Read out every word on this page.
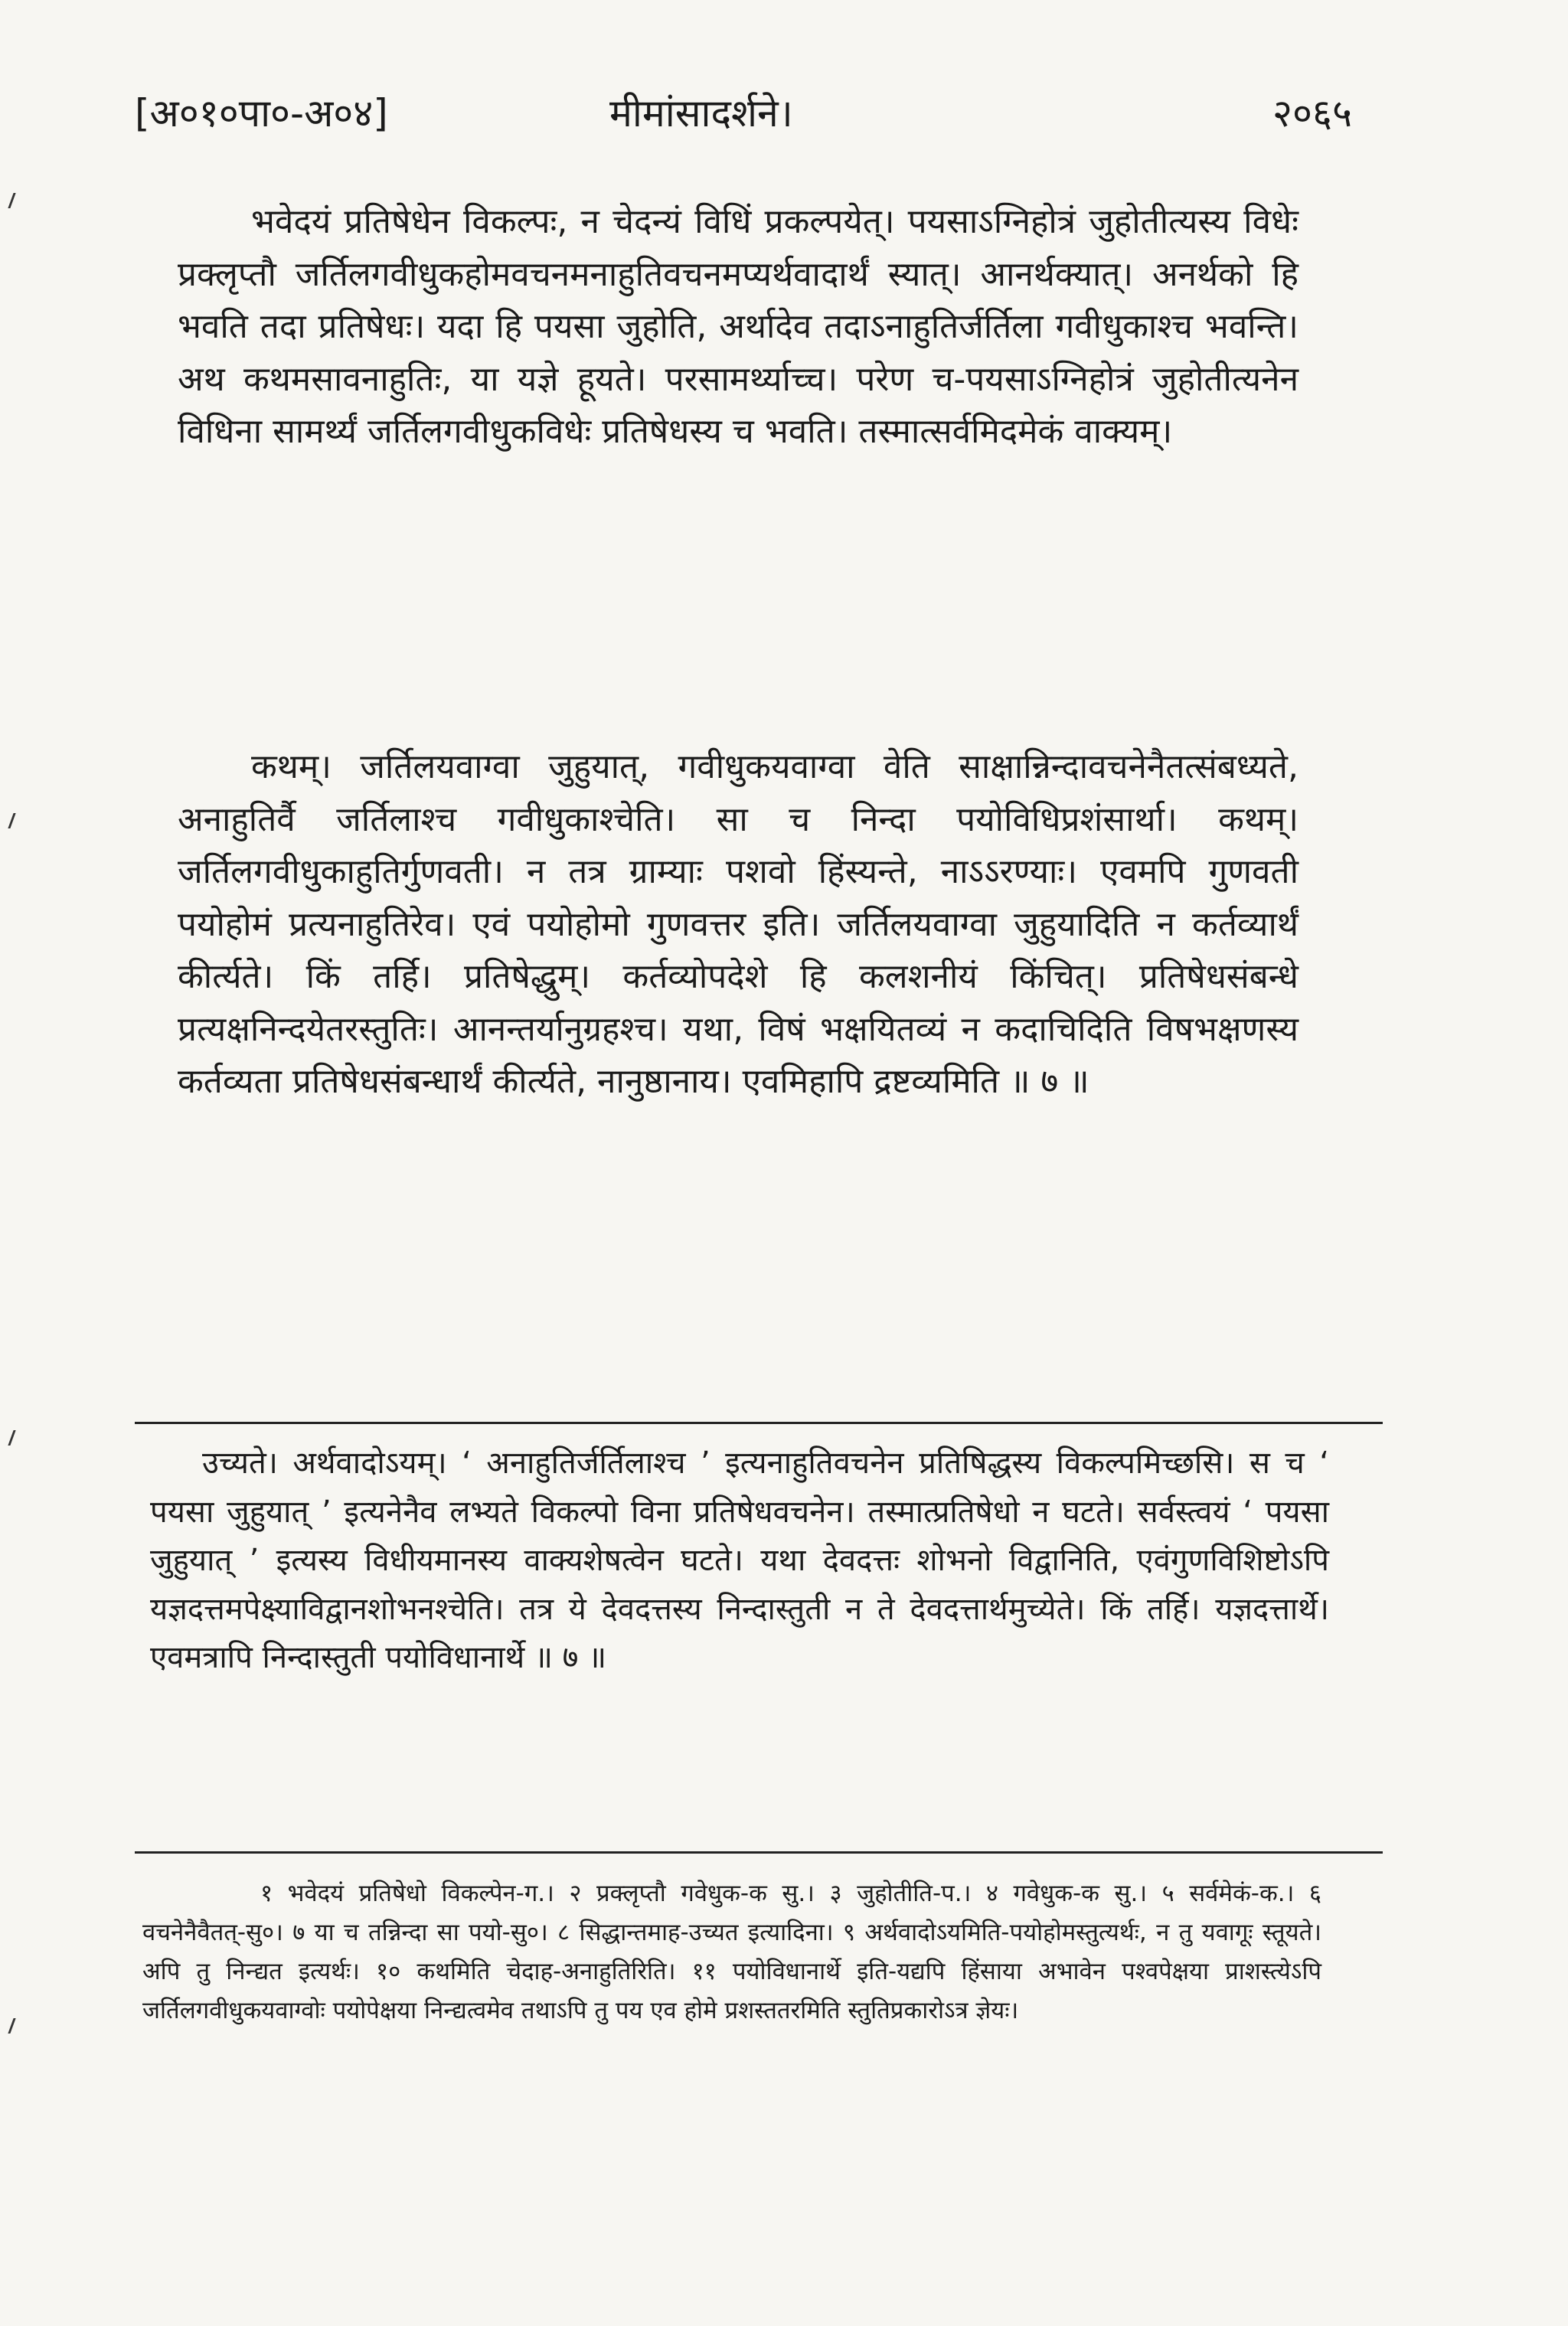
[अ०१०पा०-अ०४]	मीमांसादर्शने।	२०६५

भवेदयं प्रतिषेधेन विकल्पः, न चेदन्यं विधिं प्रकल्पयेत्। पयसाऽग्निहोत्रं जुहोतीत्यस्य विधेः प्रक्लृप्तौ जर्तिलगवीधुकहोमवचनमनाहुतिवचनमप्यर्थवादार्थं स्यात्। आनर्थक्यात्। अनर्थको हि भवति तदा प्रतिषेधः। यदा हि पयसा जुहोति, अर्थादेव तदाऽनाहुतिर्जर्तिला गवीधुकाश्च भवन्ति। अथ कथमसावनाहुतिः, या यज्ञे हूयते। परसामर्थ्याच्च। परेण च-पयसाऽग्निहोत्रं जुहोतीत्यनेन विधिना सामर्थ्यं जर्तिलगवीधुकविधेः प्रतिषेधस्य च भवति। तस्मात्सर्वमिदमेकं वाक्यम्।

कथम्। जर्तिलयवाग्वा जुहुयात्, गवीधुकयवाग्वा वेति साक्षान्निन्दावचनेनैतत्संबध्यते, अनाहुतिर्वै जर्तिलाश्च गवीधुकाश्चेति। सा च निन्दा पयोविधिप्रशंसार्था। कथम्। जर्तिलगवीधुकाहुतिर्गुणवती। न तत्र ग्राम्याः पशवो हिंस्यन्ते, नाऽऽरण्याः। एवमपि गुणवती पयोहोमं प्रत्यनाहुतिरेव। एवं पयोहोमो गुणवत्तर इति। जर्तिलयवाग्वा जुहुयादिति न कर्तव्यार्थं कीर्त्यते। किं तर्हि। प्रतिषेद्धुम्। कर्तव्योपदेशे हि कलशनीयं किंचित्। प्रतिषेधसंबन्धे प्रत्यक्षनिन्दयेतरस्तुतिः। आनन्तर्यानुग्रहश्च। यथा, विषं भक्षयितव्यं न कदाचिदिति विषभक्षणस्य कर्तव्यता प्रतिषेधसंबन्धार्थं कीर्त्यते, नानुष्ठानाय। एवमिहापि द्रष्टव्यमिति ॥ ७ ॥

उच्यते। अर्थवादोऽयम्। ‘ अनाहुतिर्जर्तिलाश्च ’ इत्यनाहुतिवचनेन प्रतिषिद्धस्य विकल्पमिच्छसि। स च ‘ पयसा जुहुयात् ’ इत्यनेनैव लभ्यते विकल्पो विना प्रतिषेधवचनेन। तस्मात्प्रतिषेधो न घटते। सर्वस्त्वयं ‘ पयसा जुहुयात् ’ इत्यस्य विधीयमानस्य वाक्यशेषत्वेन घटते। यथा देवदत्तः शोभनो विद्वानिति, एवंगुणविशिष्टोऽपि यज्ञदत्तमपेक्ष्याविद्वानशोभनश्चेति। तत्र ये देवदत्तस्य निन्दास्तुती न ते देवदत्तार्थमुच्येते। किं तर्हि। यज्ञदत्तार्थे। एवमत्रापि निन्दास्तुती पयोविधानार्थे ॥ ७ ॥

१ भवेदयं प्रतिषेधो विकल्पेन-ग.। २ प्रक्लृप्तौ गवेधुक-क सु.। ३ जुहोतीति-प.। ४ गवेधुक-क सु.। ५ सर्वमेकं-क.। ६ वचनेनैवैतत्-सु०। ७ या च तन्निन्दा सा पयो-सु०। ८ सिद्धान्तमाह-उच्यत इत्यादिना। ९ अर्थवादोऽयमिति-पयोहोमस्तुत्यर्थः, न तु यवागूः स्तूयते। अपि तु निन्द्यत इत्यर्थः। १० कथमिति चेदाह-अनाहुतिरिति। ११ पयोविधानार्थे इति-यद्यपि हिंसाया अभावेन पश्वपेक्षया प्राशस्त्येऽपि जर्तिलगवीधुकयवाग्वोः पयोपेक्षया निन्द्यत्वमेव तथाऽपि तु पय एव होमे प्रशस्ततरमिति स्तुतिप्रकारोऽत्र ज्ञेयः।
